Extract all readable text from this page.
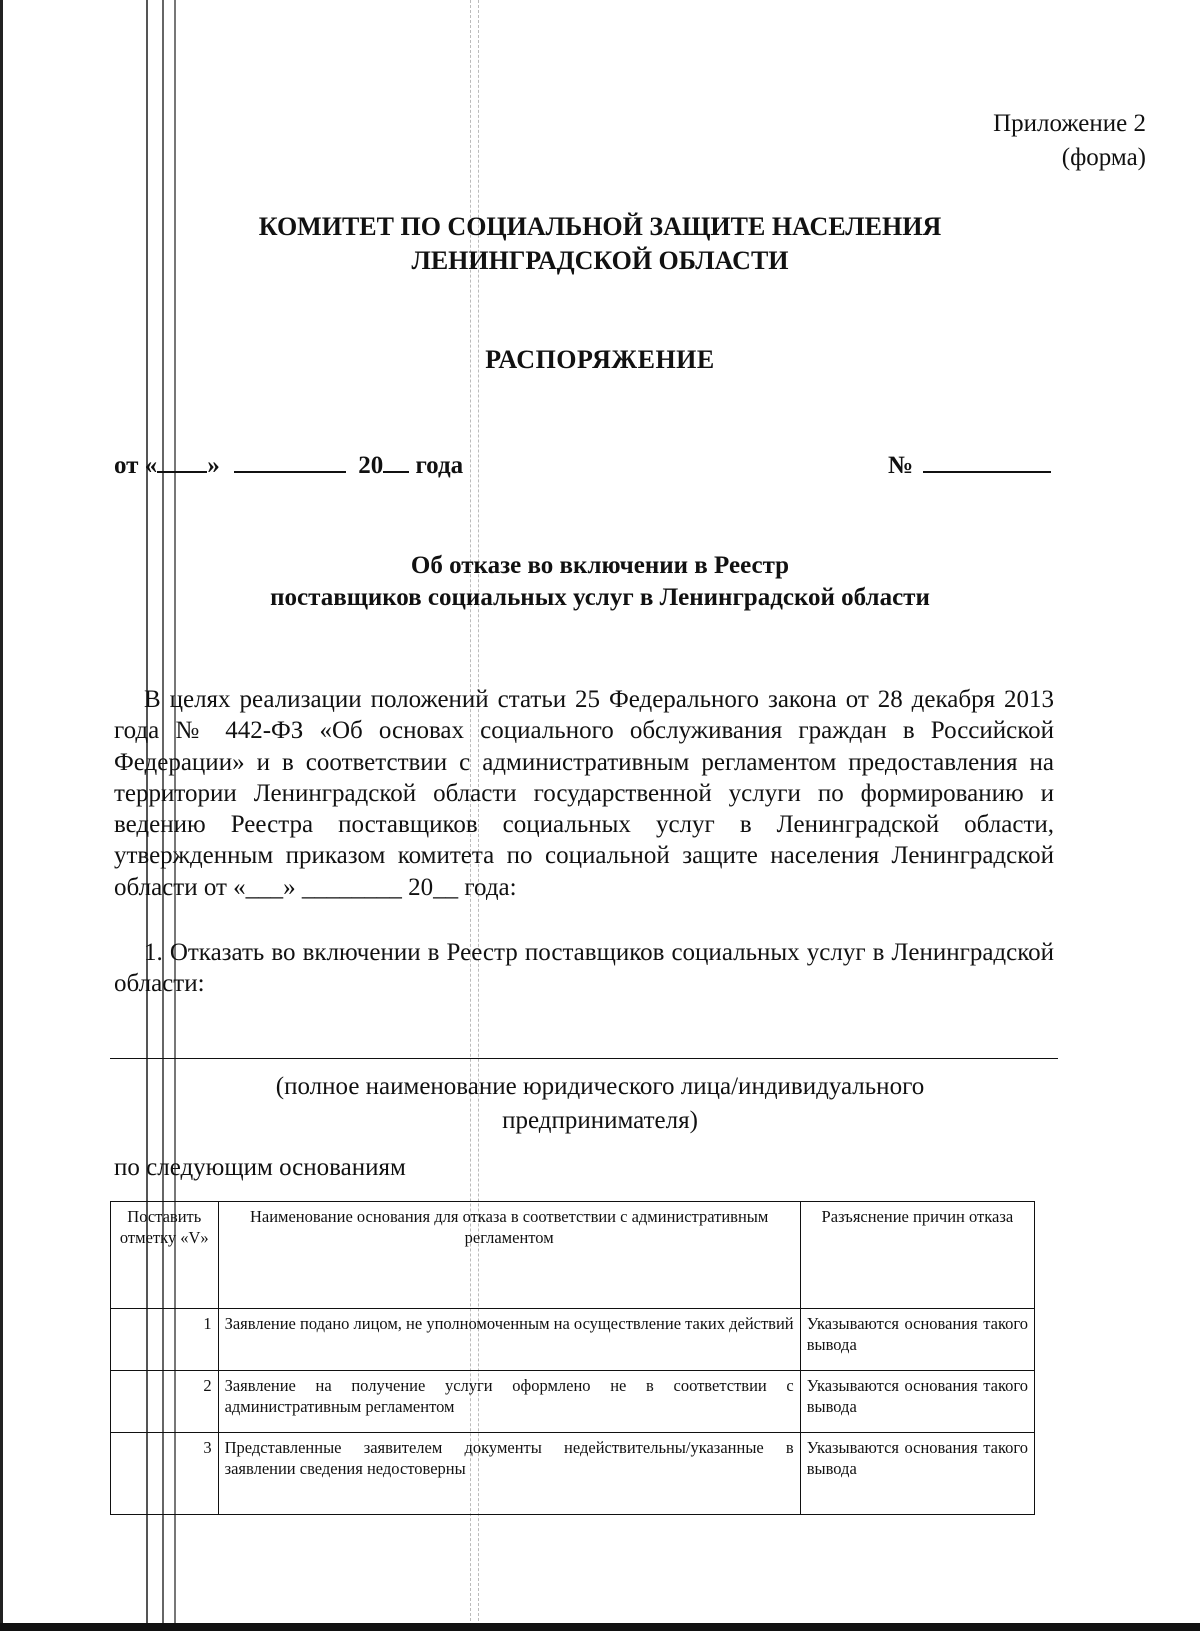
Приложение 2
(форма)
КОМИТЕТ ПО СОЦИАЛЬНОЙ ЗАЩИТЕ НАСЕЛЕНИЯ
ЛЕНИНГРАДСКОЙ ОБЛАСТИ
РАСПОРЯЖЕНИЕ
от « »	20 года	№
Об отказе во включении в Реестр
поставщиков социальных услуг в Ленинградской области

В целях реализации положений статьи 25 Федерального закона от 28 декабря 2013 года № 442-ФЗ «Об основах социального обслуживания граждан в Российской Федерации» и в соответствии с административным регламентом предоставления на территории Ленинградской области государственной услуги по формированию и ведению Реестра поставщиков социальных услуг в Ленинградской области, утвержденным приказом комитета по социальной защите населения Ленинградской области от «___» ________ 20__ года:

1. Отказать во включении в Реестр поставщиков социальных услуг в Ленинградской области:

(полное наименование юридического лица/индивидуального
предпринимателя)
по следующим основаниям
Поставить отметку «V»	Наименование основания для отказа в соответствии с административным регламентом	Разъяснение причин отказа
1	Заявление подано лицом, не уполномоченным на осуществление таких действий	Указываются основания такого вывода
2	Заявление на получение услуги оформлено не в соответствии с административным регламентом	Указываются основания такого вывода
3	Представленные заявителем документы недействительны/указанные в заявлении сведения недостоверны	Указываются основания такого вывода
